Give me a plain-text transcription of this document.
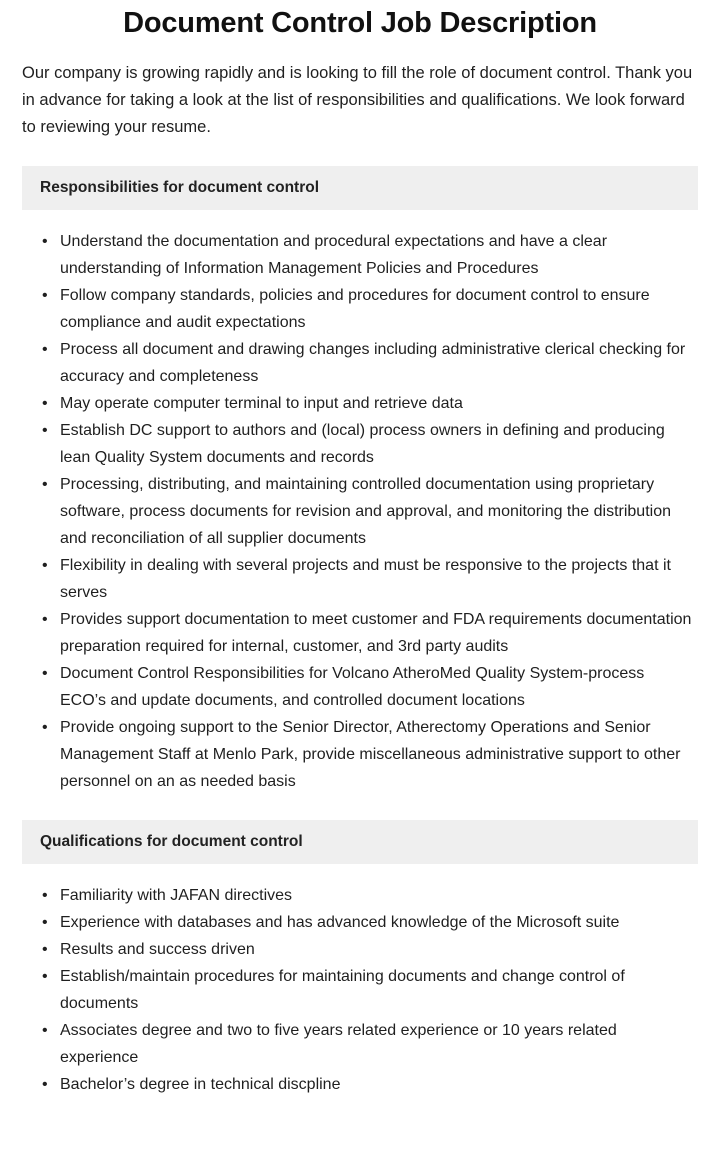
Document Control Job Description

Our company is growing rapidly and is looking to fill the role of document control. Thank you in advance for taking a look at the list of responsibilities and qualifications. We look forward to reviewing your resume.

Responsibilities for document control
• Understand the documentation and procedural expectations and have a clear understanding of Information Management Policies and Procedures
• Follow company standards, policies and procedures for document control to ensure compliance and audit expectations
• Process all document and drawing changes including administrative clerical checking for accuracy and completeness
• May operate computer terminal to input and retrieve data
• Establish DC support to authors and (local) process owners in defining and producing lean Quality System documents and records
• Processing, distributing, and maintaining controlled documentation using proprietary software, process documents for revision and approval, and monitoring the distribution and reconciliation of all supplier documents
• Flexibility in dealing with several projects and must be responsive to the projects that it serves
• Provides support documentation to meet customer and FDA requirements documentation preparation required for internal, customer, and 3rd party audits
• Document Control Responsibilities for Volcano AtheroMed Quality System-process ECO’s and update documents, and controlled document locations
• Provide ongoing support to the Senior Director, Atherectomy Operations and Senior Management Staff at Menlo Park, provide miscellaneous administrative support to other personnel on an as needed basis
Qualifications for document control
• Familiarity with JAFAN directives
• Experience with databases and has advanced knowledge of the Microsoft suite
• Results and success driven
• Establish/maintain procedures for maintaining documents and change control of documents
• Associates degree and two to five years related experience or 10 years related experience
• Bachelor’s degree in technical discpline
